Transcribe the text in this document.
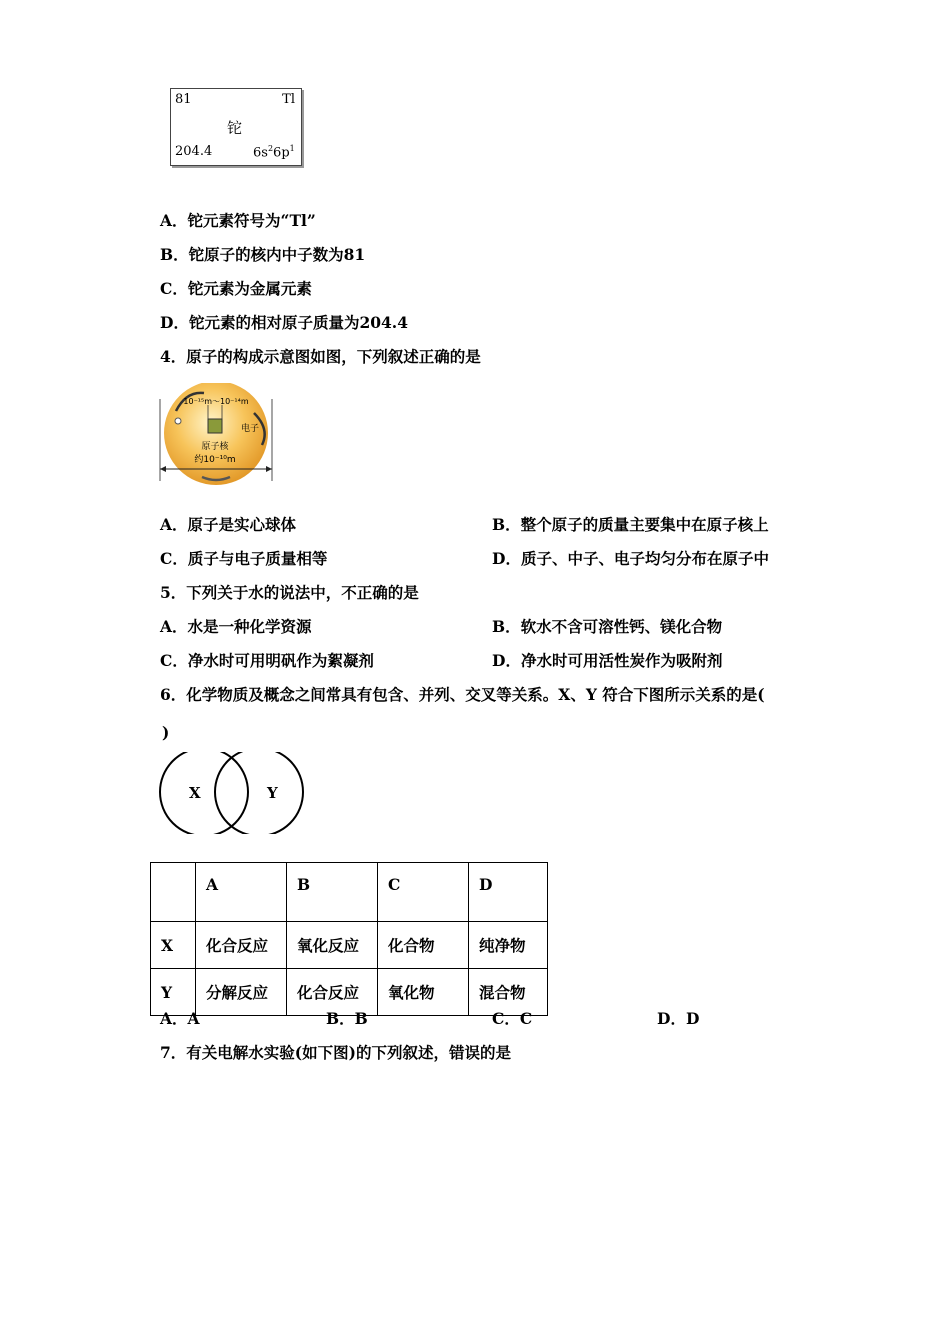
81	Tl
铊
204.4	$6s^26p^1$
A．铊元素符号为“Tl”
B．铊原子的核内中子数为81
C．铊元素为金属元素
D．铊元素的相对原子质量为204.4
4．原子的构成示意图如图，下列叙述正确的是
10⁻¹⁵m～10⁻¹⁴m
电子
原子核
约10⁻¹⁰m
A．原子是实心球体	B．整个原子的质量主要集中在原子核上
C．质子与电子质量相等	D．质子、中子、电子均匀分布在原子中
5．下列关于水的说法中，不正确的是
A．水是一种化学资源	B．软水不含可溶性钙、镁化合物
C．净水时可用明矾作为絮凝剂	D．净水时可用活性炭作为吸附剂
6．化学物质及概念之间常具有包含、并列、交叉等关系。X、Y 符合下图所示关系的是(
)
X	Y
	A	B	C	D
X	化合反应	氧化反应	化合物	纯净物
Y	分解反应	化合反应	氧化物	混合物
A．A	B．B	C．C	D．D
7．有关电解水实验(如下图)的下列叙述，错误的是
